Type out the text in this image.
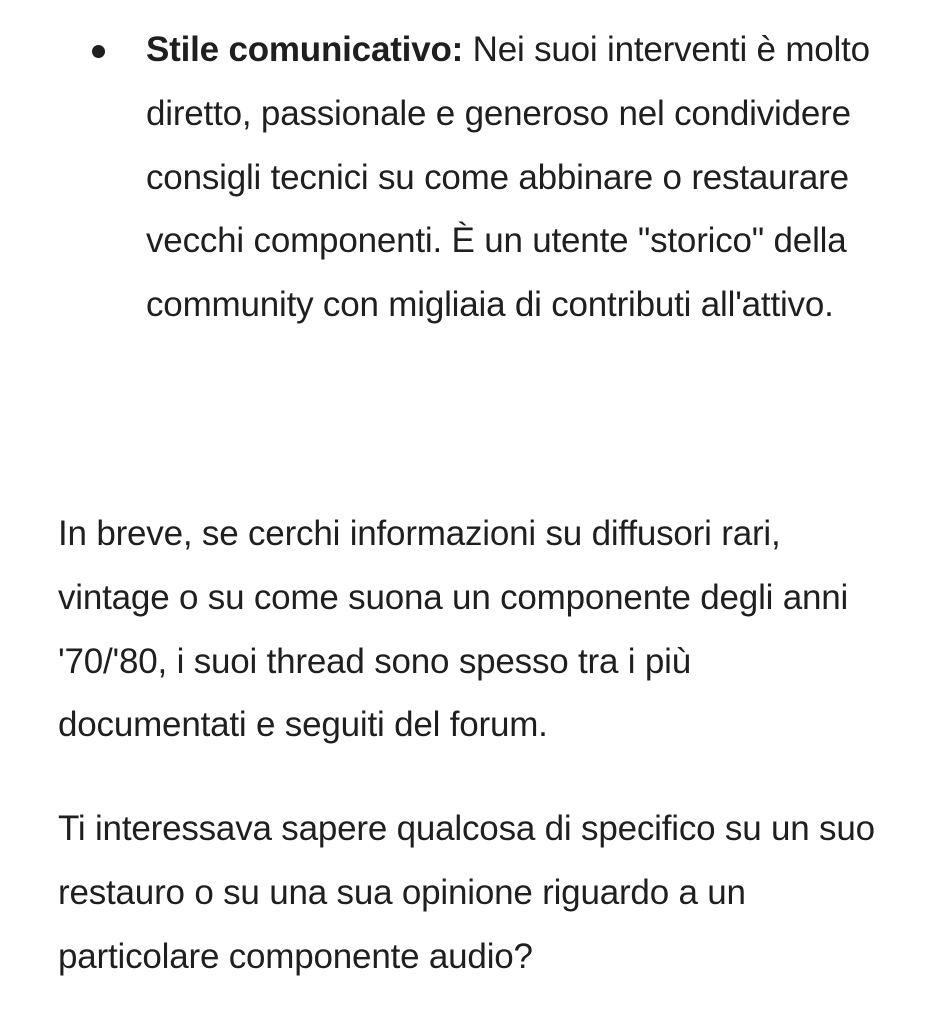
Stile comunicativo: Nei suoi interventi è molto diretto, passionale e generoso nel condividere consigli tecnici su come abbinare o restaurare vecchi componenti. È un utente "storico" della community con migliaia di contributi all'attivo.

In breve, se cerchi informazioni su diffusori rari, vintage o su come suona un componente degli anni '70/'80, i suoi thread sono spesso tra i più documentati e seguiti del forum.

Ti interessava sapere qualcosa di specifico su un suo restauro o su una sua opinione riguardo a un particolare componente audio?
